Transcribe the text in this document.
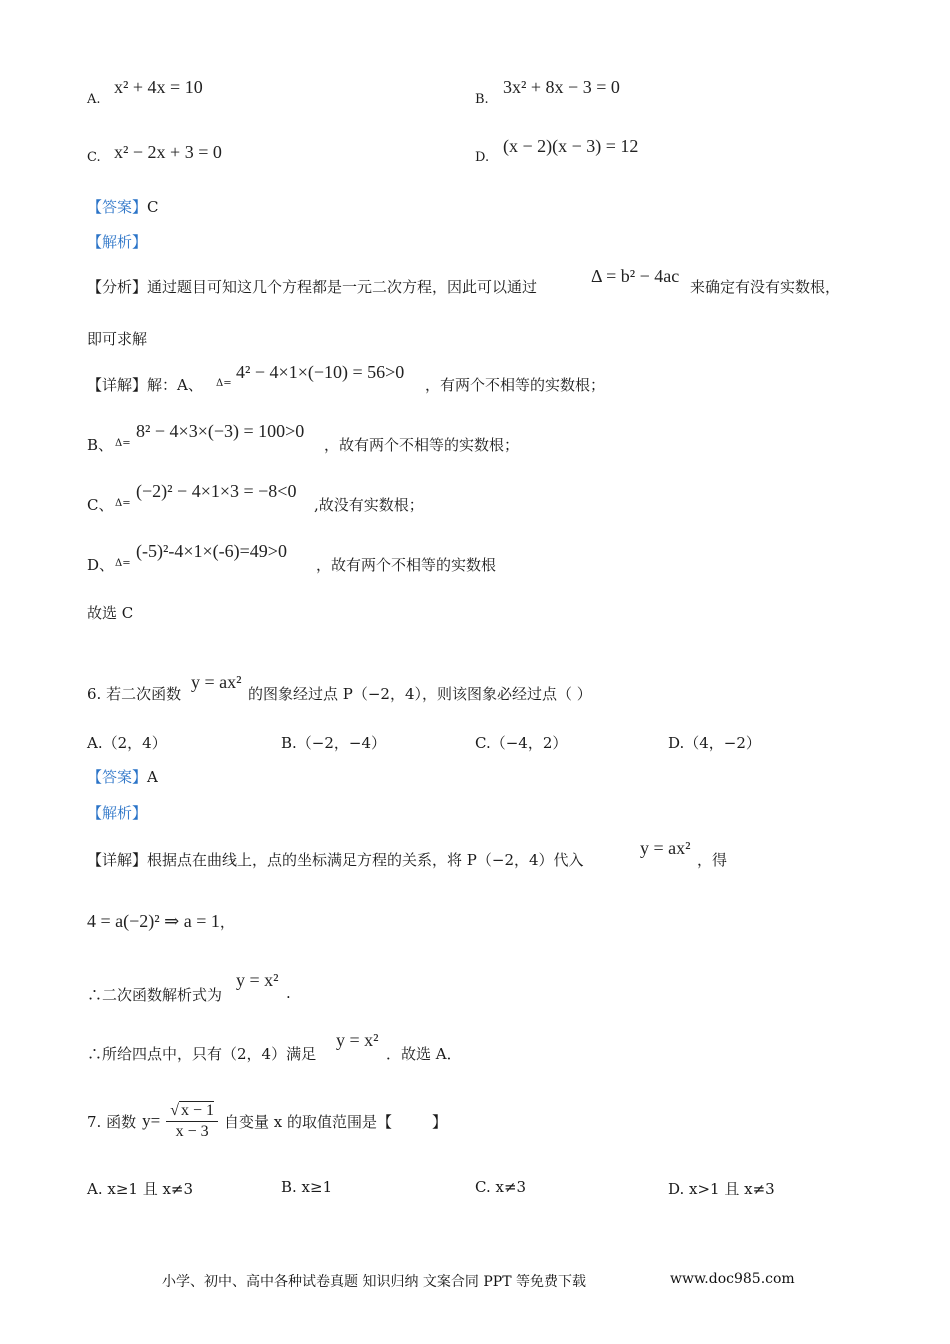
A.
x² + 4x = 10
B.
3x² + 8x − 3 = 0
C. x² − 2x + 3 = 0	D.
(x − 2)(x − 3) = 12
【答案】C
【解析】
【分析】通过题目可知这几个方程都是一元二次方程，因此可以通过
Δ = b² − 4ac
来确定有没有实数根，
即可求解
【详解】解：A、 Δ=
4² − 4×1×(−10) = 56>0
，有两个不相等的实数根；
B、 Δ=
8² − 4×3×(−3) = 100>0
，故有两个不相等的实数根；
C、 Δ=
(−2)² − 4×1×3 = −8<0
,故没有实数根；
D、 Δ=
(-5)²-4×1×(-6)=49>0
，故有两个不相等的实数根
故选 C
6. 若二次函数
y = ax²
的图象经过点 P（−2，4），则该图象必经过点（ ）
A.（2，4）	B.（−2，−4）	C.（−4，2）	D.（4，−2）
【答案】A
【解析】
【详解】根据点在曲线上，点的坐标满足方程的关系，将 P（−2，4）代入
y = ax²
，得
4 = a(−2)² ⇒ a = 1，
∴二次函数解析式为
y = x²
.
∴所给四点中，只有（2，4）满足
y = x²
．故选 A．
7. 函数 $y= \frac{√ x - 1}{x - 3}$ 自变量 x 的取值范围是【	】
A. x≥1 且 x≠3	B. x≥1	C. x≠3	D. x>1 且 x≠3
小学、初中、高中各种试卷真题 知识归纳 文案合同 PPT 等免费下载	www.doc985.com
